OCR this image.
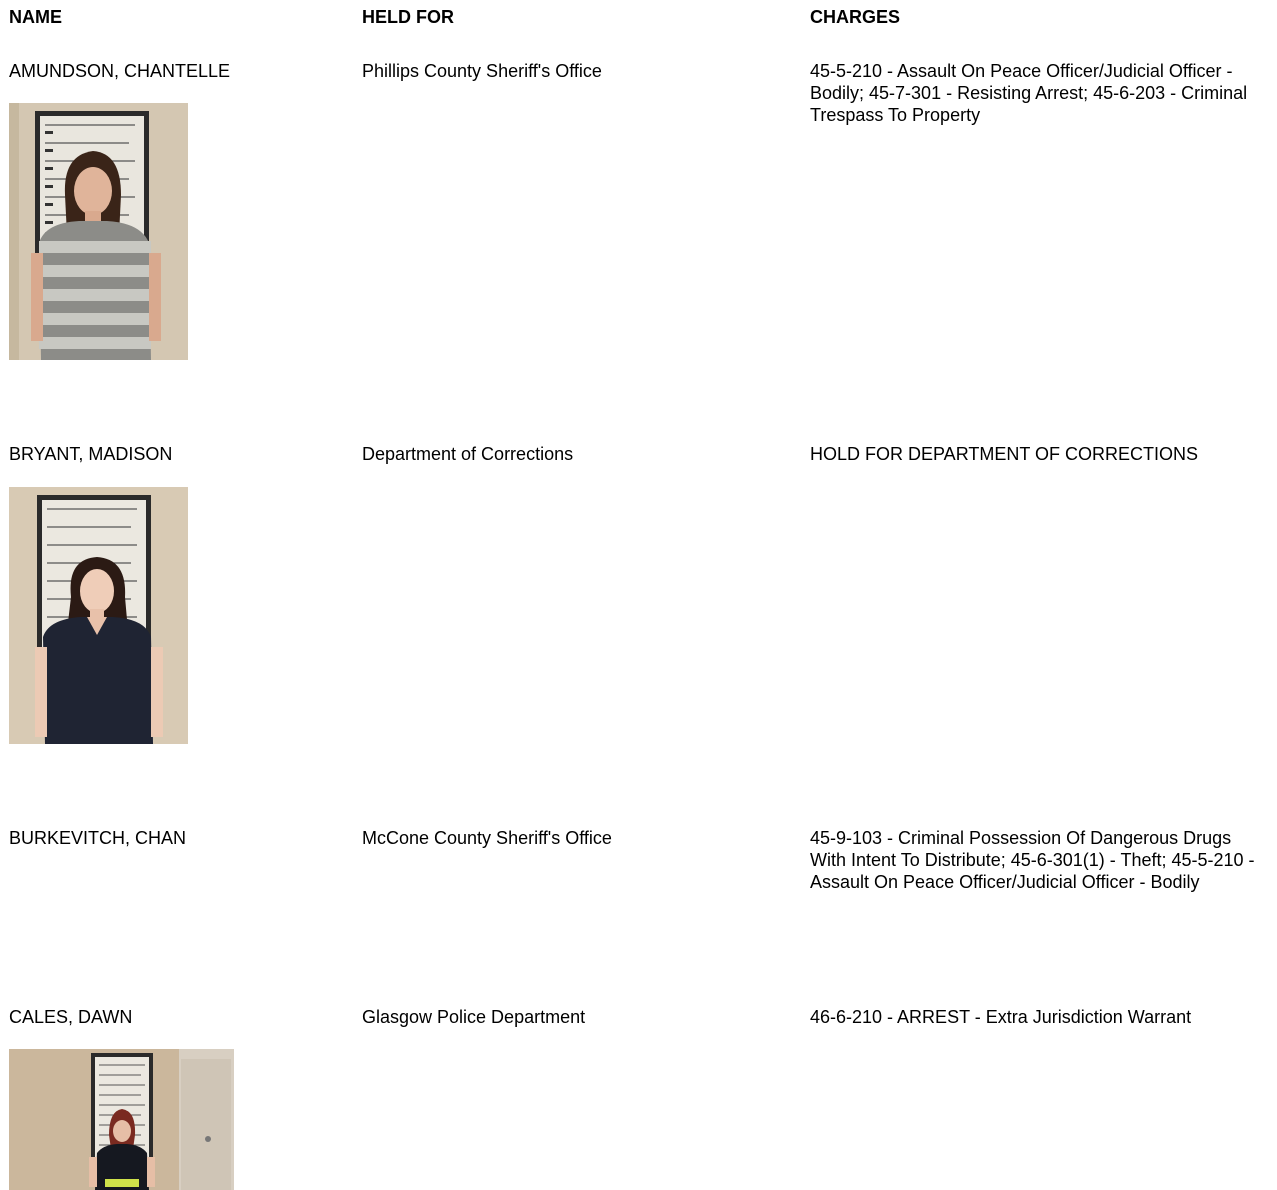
NAME	HELD FOR	CHARGES
AMUNDSON, CHANTELLE	Phillips County Sheriff's Office	45-5-210 - Assault On Peace Officer/Judicial Officer - Bodily; 45-7-301 - Resisting Arrest; 45-6-203 - Criminal Trespass To Property
BRYANT, MADISON	Department of Corrections	HOLD FOR DEPARTMENT OF CORRECTIONS
BURKEVITCH, CHAN	McCone County Sheriff's Office	45-9-103 - Criminal Possession Of Dangerous Drugs With Intent To Distribute; 45-6-301(1) - Theft; 45-5-210 - Assault On Peace Officer/Judicial Officer - Bodily
CALES, DAWN	Glasgow Police Department	46-6-210 - ARREST - Extra Jurisdiction Warrant
